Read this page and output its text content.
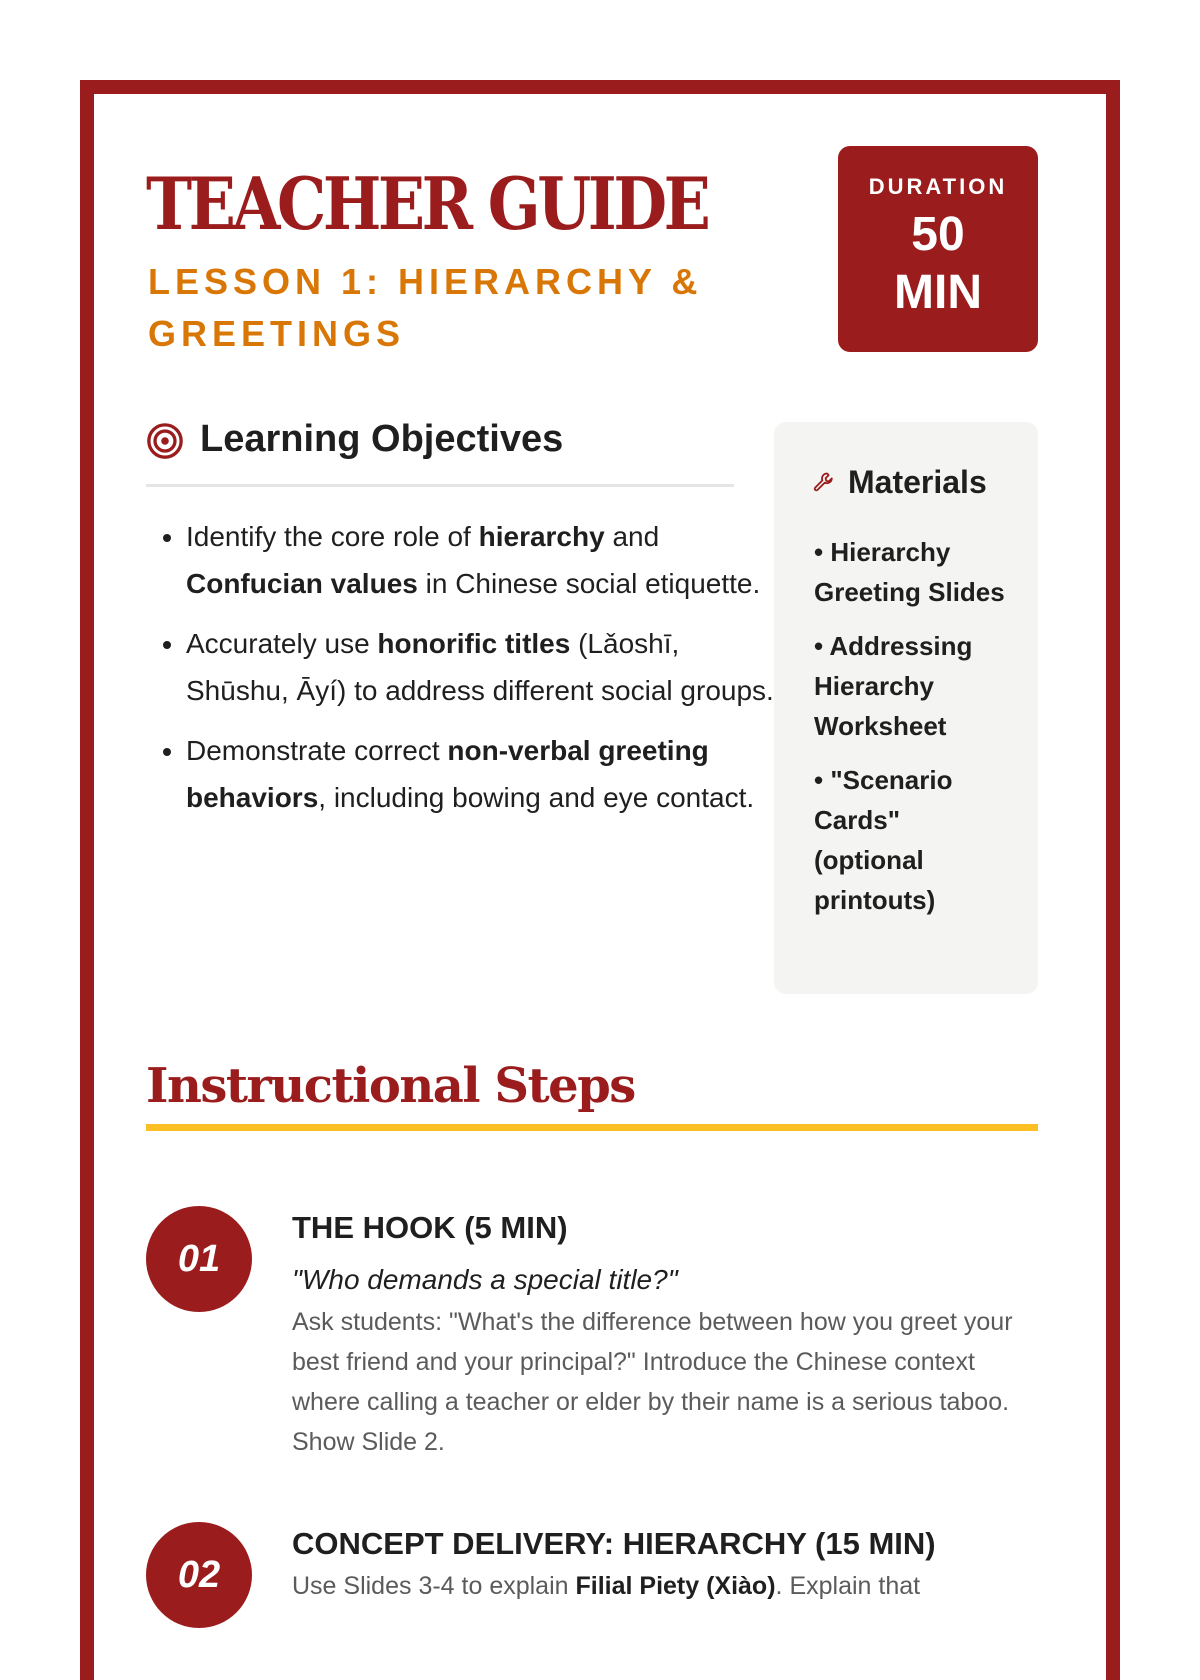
TEACHER GUIDE
LESSON 1: HIERARCHY & GREETINGS
DURATION
50
MIN
Learning Objectives
• Identify the core role of hierarchy and Confucian values in Chinese social etiquette.
• Accurately use honorific titles (Lǎoshī, Shūshu, Āyí) to address different social groups.
• Demonstrate correct non-verbal greeting behaviors, including bowing and eye contact.
Materials
• Hierarchy Greeting Slides
• Addressing Hierarchy Worksheet
• "Scenario Cards" (optional printouts)
Instructional Steps
01

THE HOOK (5 MIN)

"Who demands a special title?"

Ask students: "What's the difference between how you greet your best friend and your principal?" Introduce the Chinese context where calling a teacher or elder by their name is a serious taboo. Show Slide 2.

02

CONCEPT DELIVERY: HIERARCHY (15 MIN)

Use Slides 3-4 to explain Filial Piety (Xiào). Explain that
